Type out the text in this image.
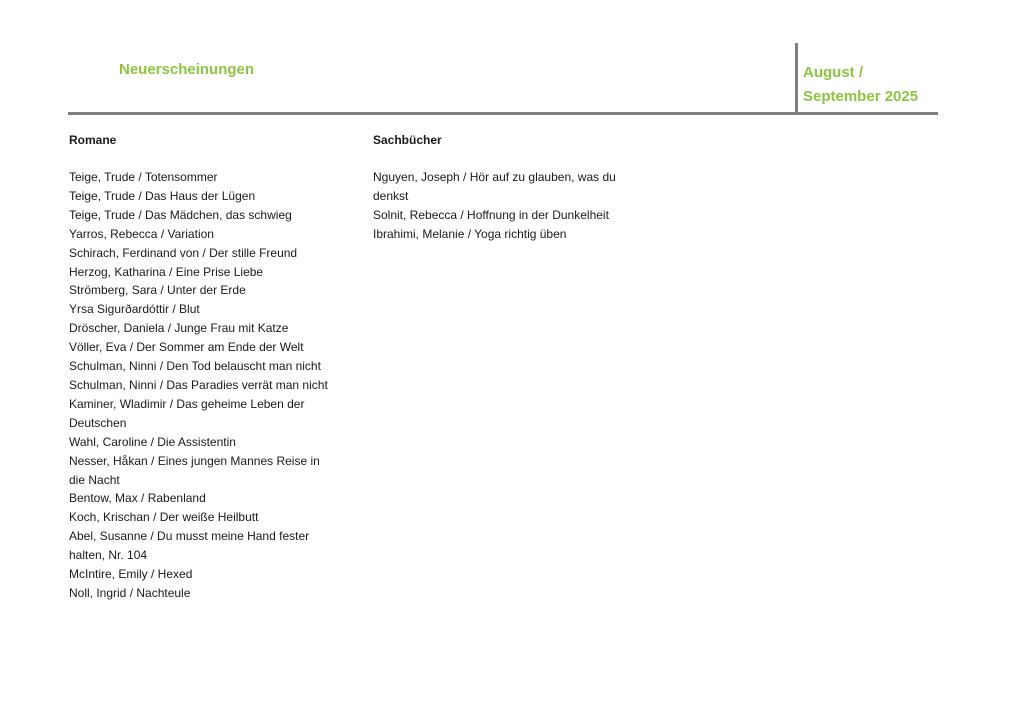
Neuerscheinungen	August /
September 2025
Romane
Teige, Trude / Totensommer
Teige, Trude / Das Haus der Lügen
Teige, Trude / Das Mädchen, das schwieg
Yarros, Rebecca / Variation
Schirach, Ferdinand von / Der stille Freund
Herzog, Katharina / Eine Prise Liebe
Strömberg, Sara / Unter der Erde
Yrsa Sigurðardóttir / Blut
Dröscher, Daniela / Junge Frau mit Katze
Völler, Eva / Der Sommer am Ende der Welt
Schulman, Ninni / Den Tod belauscht man nicht
Schulman, Ninni / Das Paradies verrät man nicht
Kaminer, Wladimir / Das geheime Leben der Deutschen
Wahl, Caroline / Die Assistentin
Nesser, Håkan / Eines jungen Mannes Reise in die Nacht
Bentow, Max / Rabenland
Koch, Krischan / Der weiße Heilbutt
Abel, Susanne / Du musst meine Hand fester halten, Nr. 104
McIntire, Emily / Hexed
Noll, Ingrid / Nachteule
Sachbücher
Nguyen, Joseph / Hör auf zu glauben, was du denkst
Solnit, Rebecca / Hoffnung in der Dunkelheit
Ibrahimi, Melanie / Yoga richtig üben
